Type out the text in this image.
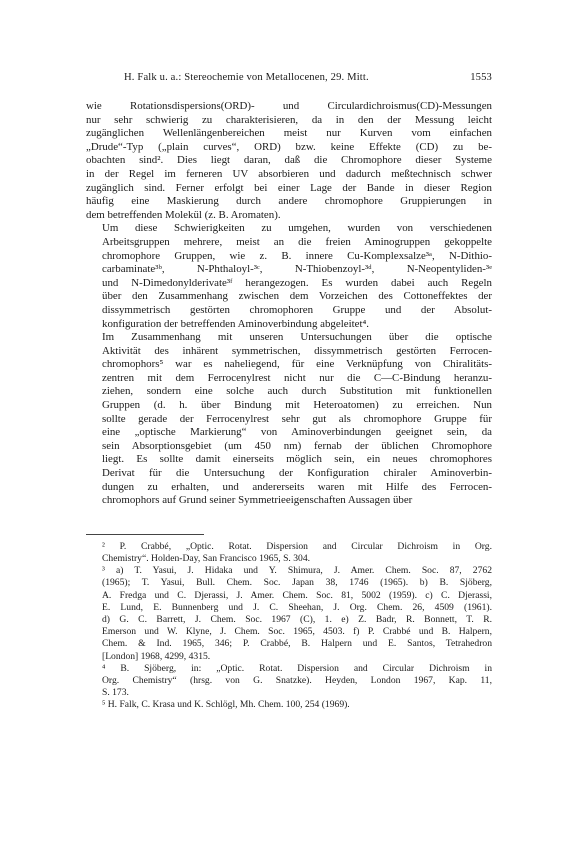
H. Falk u. a.: Stereochemie von Metallocenen, 29. Mitt.	1553

wie Rotationsdispersions(ORD)- und Circulardichroismus(CD)-Messungen
nur sehr schwierig zu charakterisieren, da in den der Messung leicht
zugänglichen Wellenlängenbereichen meist nur Kurven vom einfachen
„Drude“-Typ („plain curves“, ORD) bzw. keine Effekte (CD) zu be-
obachten sind². Dies liegt daran, daß die Chromophore dieser Systeme
in der Regel im ferneren UV absorbieren und dadurch meßtechnisch schwer
zugänglich sind. Ferner erfolgt bei einer Lage der Bande in dieser Region
häufig eine Maskierung durch andere chromophore Gruppierungen in
dem betreffenden Molekül (z. B. Aromaten).

Um diese Schwierigkeiten zu umgehen, wurden von verschiedenen
Arbeitsgruppen mehrere, meist an die freien Aminogruppen gekoppelte
chromophore Gruppen, wie z. B. innere Cu-Komplexsalze³ᵃ, N-Dithio-
carbaminate³ᵇ, N-Phthaloyl-³ᶜ, N-Thiobenzoyl-³ᵈ, N-Neopentyliden-³ᵉ
und N-Dimedonylderivate³ᶠ herangezogen. Es wurden dabei auch Regeln
über den Zusammenhang zwischen dem Vorzeichen des Cottoneffektes der
dissymmetrisch gestörten chromophoren Gruppe und der Absolut-
konfiguration der betreffenden Aminoverbindung abgeleitet⁴.

Im Zusammenhang mit unseren Untersuchungen über die optische
Aktivität des inhärent symmetrischen, dissymmetrisch gestörten Ferrocen-
chromophors⁵ war es naheliegend, für eine Verknüpfung von Chiralitäts-
zentren mit dem Ferrocenylrest nicht nur die C—C-Bindung heranzu-
ziehen, sondern eine solche auch durch Substitution mit funktionellen
Gruppen (d. h. über Bindung mit Heteroatomen) zu erreichen. Nun
sollte gerade der Ferrocenylrest sehr gut als chromophore Gruppe für
eine „optische Markierung“ von Aminoverbindungen geeignet sein, da
sein Absorptionsgebiet (um 450 nm) fernab der üblichen Chromophore
liegt. Es sollte damit einerseits möglich sein, ein neues chromophores
Derivat für die Untersuchung der Konfiguration chiraler Aminoverbin-
dungen zu erhalten, und andererseits waren mit Hilfe des Ferrocen-
chromophors auf Grund seiner Symmetrieeigenschaften Aussagen über

² P. Crabbé, „Optic. Rotat. Dispersion and Circular Dichroism in Org.
Chemistry“. Holden-Day, San Francisco 1965, S. 304.

³ a) T. Yasui, J. Hidaka und Y. Shimura, J. Amer. Chem. Soc. 87, 2762
(1965); T. Yasui, Bull. Chem. Soc. Japan 38, 1746 (1965). b) B. Sjöberg,
A. Fredga und C. Djerassi, J. Amer. Chem. Soc. 81, 5002 (1959). c) C. Djerassi,
E. Lund, E. Bunnenberg und J. C. Sheehan, J. Org. Chem. 26, 4509 (1961).
d) G. C. Barrett, J. Chem. Soc. 1967 (C), 1. e) Z. Badr, R. Bonnett, T. R.
Emerson und W. Klyne, J. Chem. Soc. 1965, 4503. f) P. Crabbé und B. Halpern,
Chem. & Ind. 1965, 346; P. Crabbé, B. Halpern und E. Santos, Tetrahedron
[London] 1968, 4299, 4315.

⁴ B. Sjöberg, in: „Optic. Rotat. Dispersion and Circular Dichroism in
Org. Chemistry“ (hrsg. von G. Snatzke). Heyden, London 1967, Kap. 11,
S. 173.

⁵ H. Falk, C. Krasa und K. Schlögl, Mh. Chem. 100, 254 (1969).
